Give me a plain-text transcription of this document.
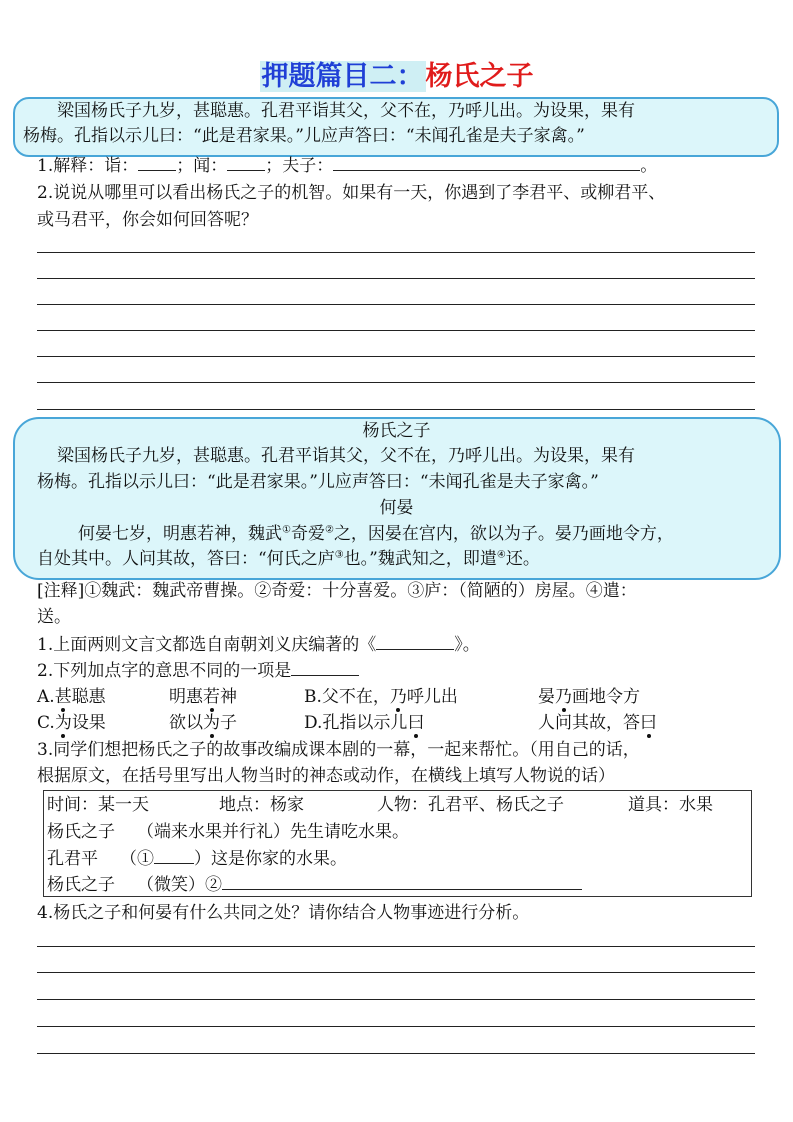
押题篇目二：杨氏之子
梁国杨氏子九岁，甚聪惠。孔君平诣其父，父不在，乃呼儿出。为设果，果有
杨梅。孔指以示儿曰：“此是君家果。”儿应声答曰：“未闻孔雀是夫子家禽。”
1.解释：诣： ；闻： ；夫子：	。
2.说说从哪里可以看出杨氏之子的机智。如果有一天，你遇到了李君平、或柳君平、
或马君平，你会如何回答呢？
杨氏之子
梁国杨氏子九岁，甚聪惠。孔君平诣其父，父不在，乃呼儿出。为设果，果有
杨梅。孔指以示儿曰：“此是君家果。”儿应声答曰：“未闻孔雀是夫子家禽。”
何晏
何晏七岁，明惠若神，魏武①奇爱②之，因晏在宫内，欲以为子。晏乃画地令方，
自处其中。人问其故，答曰：“何氏之庐③也。”魏武知之，即遣④还。
[注释]①魏武：魏武帝曹操。②奇爱：十分喜爱。③庐：（简陋的）房屋。④遣：
送。
1.上面两则文言文都选自南朝刘义庆编著的《	》。
2.下列加点字的意思不同的一项是
A.甚聪惠	明惠若神	B.父不在，乃呼儿出	晏乃画地令方
C.为设果	欲以为子	D.孔指以示儿曰	人问其故，答曰
3.同学们想把杨氏之子的故事改编成课本剧的一幕，一起来帮忙。（用自己的话，
根据原文，在括号里写出人物当时的神态或动作，在横线上填写人物说的话）
时间：某一天	地点：杨家	人物：孔君平、杨氏之子	道具：水果
杨氏之子 （端来水果并行礼）先生请吃水果。
孔君平 （① ）这是你家的水果。
杨氏之子 （微笑）②
4.杨氏之子和何晏有什么共同之处？请你结合人物事迹进行分析。
